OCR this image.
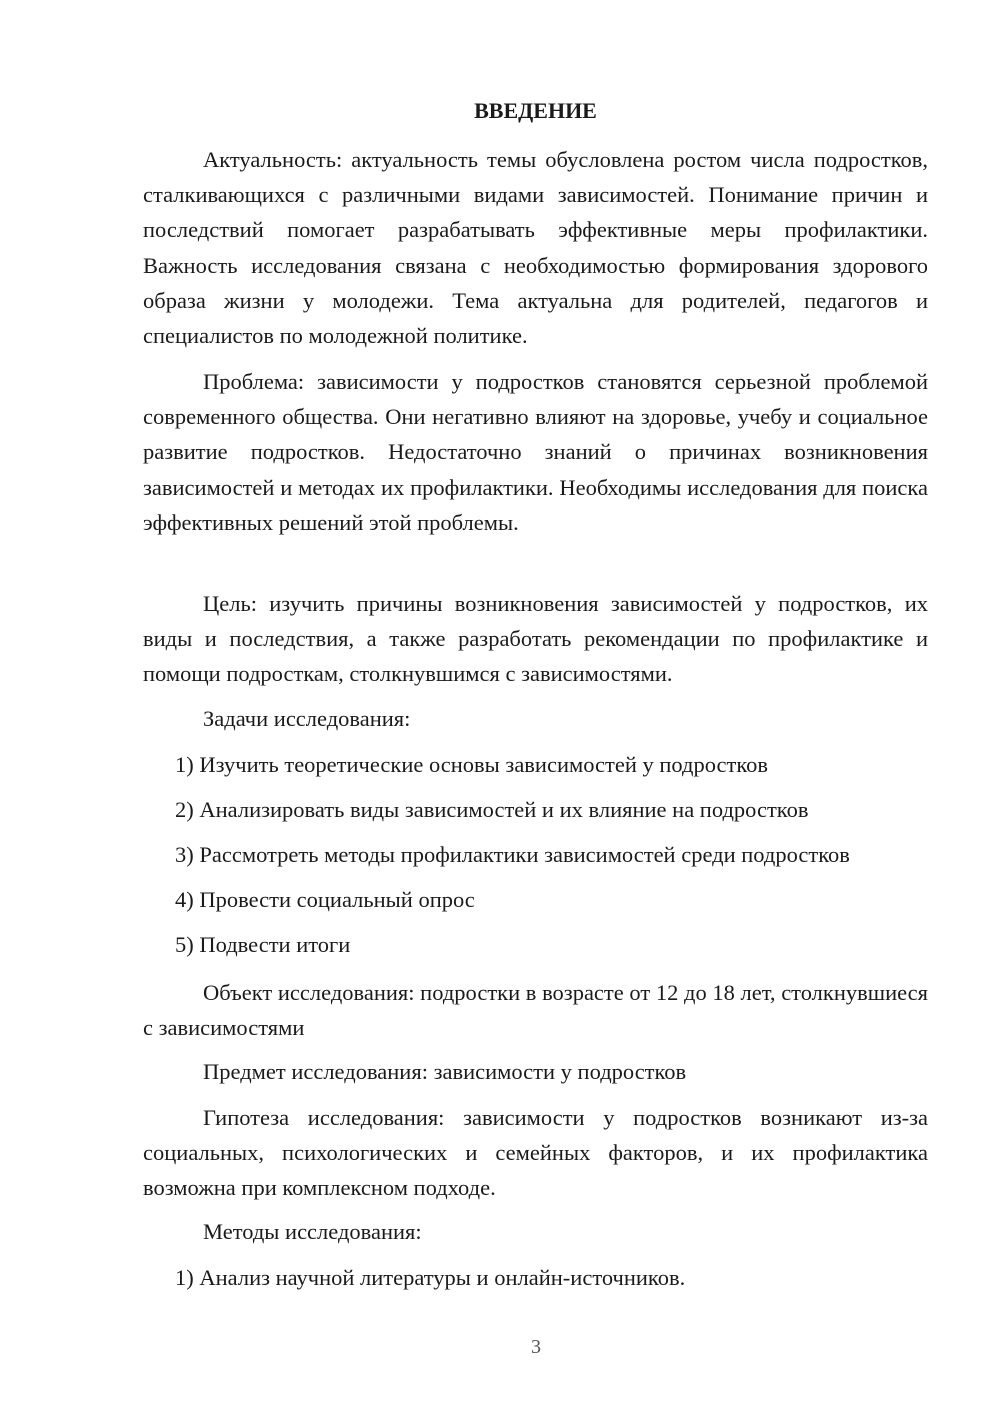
ВВЕДЕНИЕ

Актуальность: актуальность темы обусловлена ростом числа подростков, сталкивающихся с различными видами зависимостей. Понимание причин и последствий помогает разрабатывать эффективные меры профилактики. Важность исследования связана с необходимостью формирования здорового образа жизни у молодежи. Тема актуальна для родителей, педагогов и специалистов по молодежной политике.

Проблема: зависимости у подростков становятся серьезной проблемой современного общества. Они негативно влияют на здоровье, учебу и социальное развитие подростков. Недостаточно знаний о причинах возникновения зависимостей и методах их профилактики. Необходимы исследования для поиска эффективных решений этой проблемы.

Цель: изучить причины возникновения зависимостей у подростков, их виды и последствия, а также разработать рекомендации по профилактике и помощи подросткам, столкнувшимся с зависимостями.

Задачи исследования:

1) Изучить теоретические основы зависимостей у подростков

2) Анализировать виды зависимостей и их влияние на подростков

3) Рассмотреть методы профилактики зависимостей среди подростков

4) Провести социальный опрос

5) Подвести итоги

Объект исследования: подростки в возрасте от 12 до 18 лет, столкнувшиеся с зависимостями

Предмет исследования: зависимости у подростков

Гипотеза исследования: зависимости у подростков возникают из-за социальных, психологических и семейных факторов, и их профилактика возможна при комплексном подходе.

Методы исследования:

1) Анализ научной литературы и онлайн-источников.

3
